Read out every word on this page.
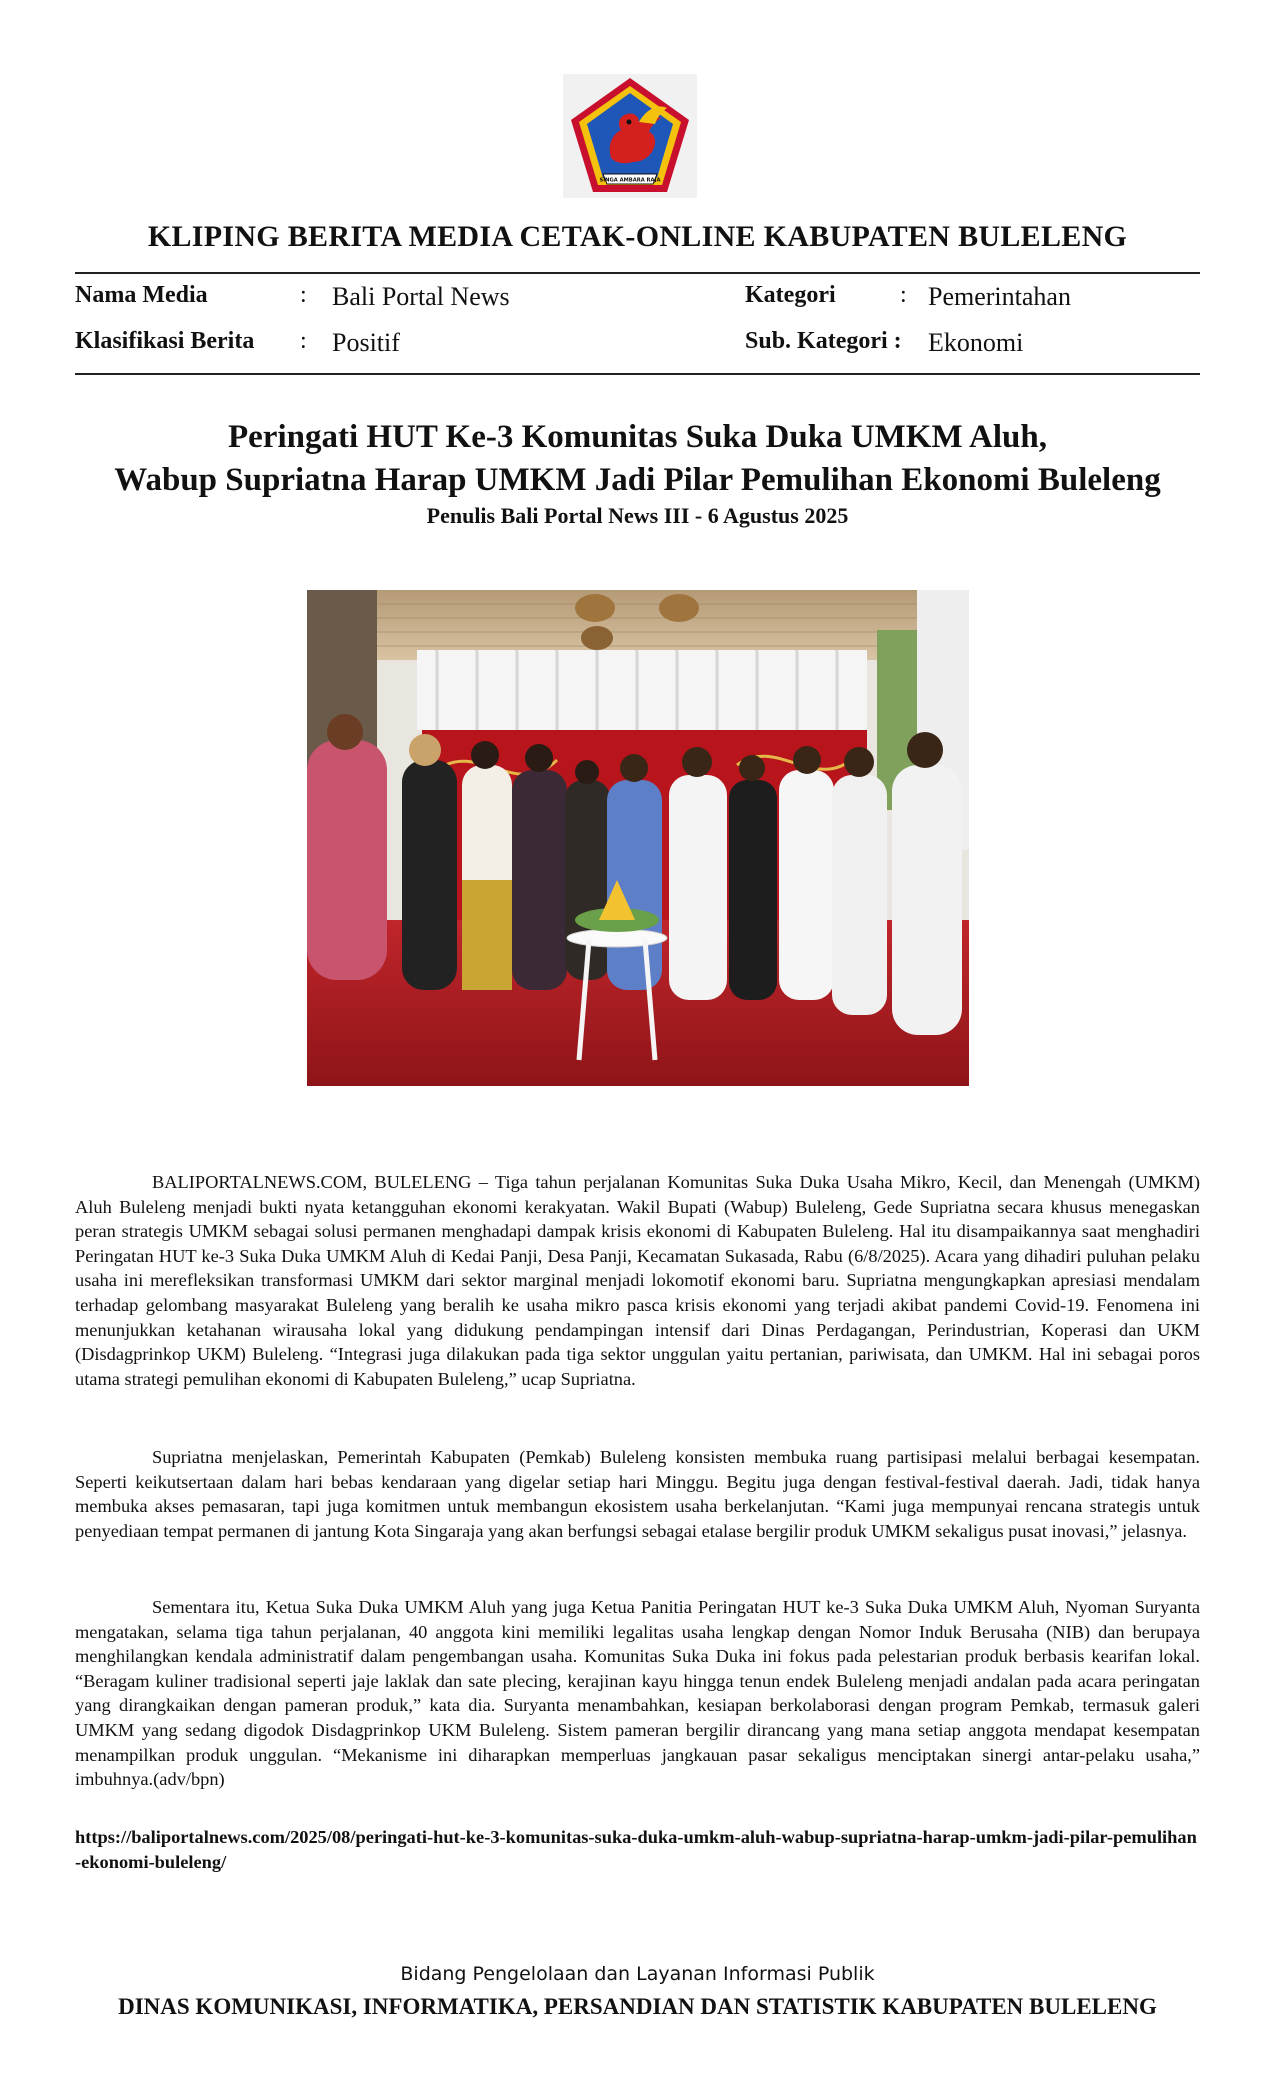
SINGA AMBARA RAJA
KLIPING BERITA MEDIA CETAK-ONLINE KABUPATEN BULELENG
Nama Media	: Bali Portal News	Kategori	: Pemerintahan
Klasifikasi Berita : Positif	Sub. Kategori : Ekonomi
Peringati HUT Ke-3 Komunitas Suka Duka UMKM Aluh,
Wabup Supriatna Harap UMKM Jadi Pilar Pemulihan Ekonomi Buleleng
Penulis Bali Portal News III - 6 Agustus 2025

BALIPORTALNEWS.COM, BULELENG – Tiga tahun perjalanan Komunitas Suka Duka Usaha Mikro, Kecil, dan Menengah (UMKM) Aluh Buleleng menjadi bukti nyata ketangguhan ekonomi kerakyatan. Wakil Bupati (Wabup) Buleleng, Gede Supriatna secara khusus menegaskan peran strategis UMKM sebagai solusi permanen menghadapi dampak krisis ekonomi di Kabupaten Buleleng. Hal itu disampaikannya saat menghadiri Peringatan HUT ke-3 Suka Duka UMKM Aluh di Kedai Panji, Desa Panji, Kecamatan Sukasada, Rabu (6/8/2025). Acara yang dihadiri puluhan pelaku usaha ini merefleksikan transformasi UMKM dari sektor marginal menjadi lokomotif ekonomi baru. Supriatna mengungkapkan apresiasi mendalam terhadap gelombang masyarakat Buleleng yang beralih ke usaha mikro pasca krisis ekonomi yang terjadi akibat pandemi Covid-19. Fenomena ini menunjukkan ketahanan wirausaha lokal yang didukung pendampingan intensif dari Dinas Perdagangan, Perindustrian, Koperasi dan UKM (Disdagprinkop UKM) Buleleng. “Integrasi juga dilakukan pada tiga sektor unggulan yaitu pertanian, pariwisata, dan UMKM. Hal ini sebagai poros utama strategi pemulihan ekonomi di Kabupaten Buleleng,” ucap Supriatna.

Supriatna menjelaskan, Pemerintah Kabupaten (Pemkab) Buleleng konsisten membuka ruang partisipasi melalui berbagai kesempatan. Seperti keikutsertaan dalam hari bebas kendaraan yang digelar setiap hari Minggu. Begitu juga dengan festival-festival daerah. Jadi, tidak hanya membuka akses pemasaran, tapi juga komitmen untuk membangun ekosistem usaha berkelanjutan. “Kami juga mempunyai rencana strategis untuk penyediaan tempat permanen di jantung Kota Singaraja yang akan berfungsi sebagai etalase bergilir produk UMKM sekaligus pusat inovasi,” jelasnya.

Sementara itu, Ketua Suka Duka UMKM Aluh yang juga Ketua Panitia Peringatan HUT ke-3 Suka Duka UMKM Aluh, Nyoman Suryanta mengatakan, selama tiga tahun perjalanan, 40 anggota kini memiliki legalitas usaha lengkap dengan Nomor Induk Berusaha (NIB) dan berupaya menghilangkan kendala administratif dalam pengembangan usaha. Komunitas Suka Duka ini fokus pada pelestarian produk berbasis kearifan lokal. “Beragam kuliner tradisional seperti jaje laklak dan sate plecing, kerajinan kayu hingga tenun endek Buleleng menjadi andalan pada acara peringatan yang dirangkaikan dengan pameran produk,” kata dia. Suryanta menambahkan, kesiapan berkolaborasi dengan program Pemkab, termasuk galeri UMKM yang sedang digodok Disdagprinkop UKM Buleleng. Sistem pameran bergilir dirancang yang mana setiap anggota mendapat kesempatan menampilkan produk unggulan. “Mekanisme ini diharapkan memperluas jangkauan pasar sekaligus menciptakan sinergi antar-pelaku usaha,” imbuhnya.(adv/bpn)

https://baliportalnews.com/2025/08/peringati-hut-ke-3-komunitas-suka-duka-umkm-aluh-wabup-supriatna-harap-umkm-jadi-pilar-pemulihan-ekonomi-buleleng/
Bidang Pengelolaan dan Layanan Informasi Publik
DINAS KOMUNIKASI, INFORMATIKA, PERSANDIAN DAN STATISTIK KABUPATEN BULELENG
